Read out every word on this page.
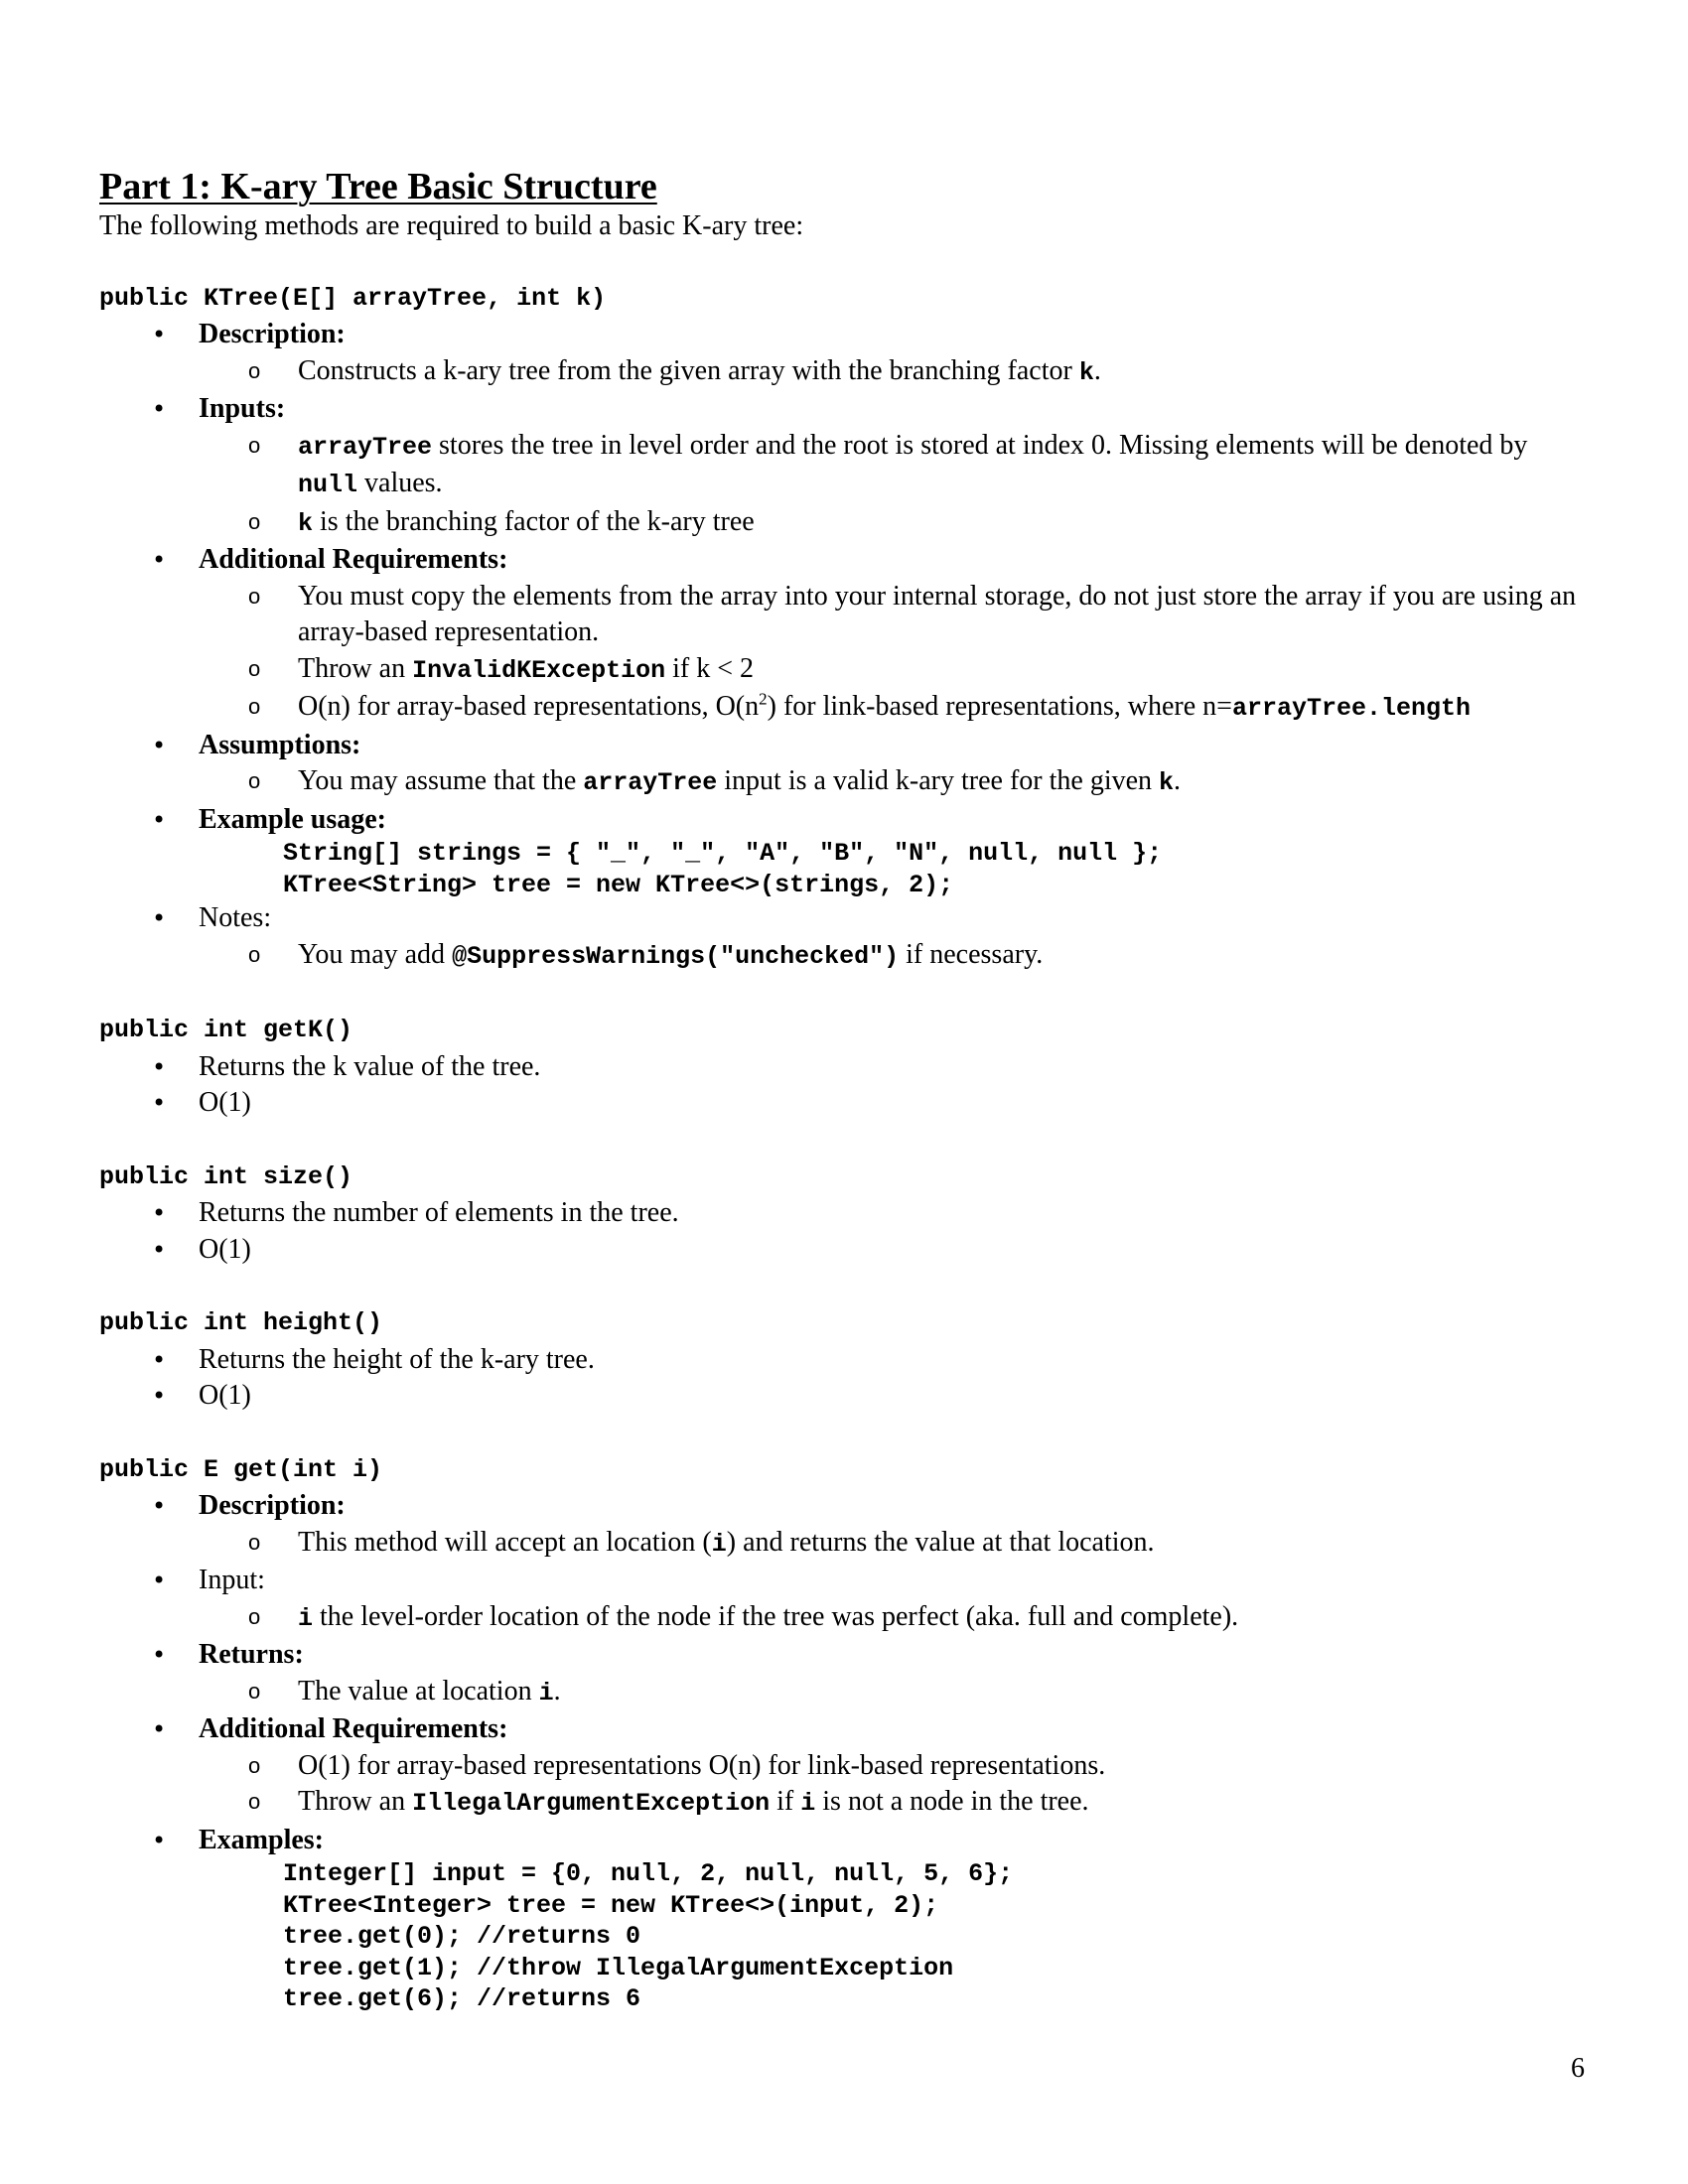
Part 1: K-ary Tree Basic Structure

The following methods are required to build a basic K-ary tree:

public KTree(E[] arrayTree, int k)
• Description:
o Constructs a k-ary tree from the given array with the branching factor k.
• Inputs:
o arrayTree stores the tree in level order and the root is stored at index 0. Missing elements will be denoted by null values.
o k is the branching factor of the k-ary tree
• Additional Requirements:
o You must copy the elements from the array into your internal storage, do not just store the array if you are using an array-based representation.
o Throw an InvalidKException if k < 2
o O(n) for array-based representations, $O(n^2)$ for link-based representations, where n=arrayTree.length
• Assumptions:
o You may assume that the arrayTree input is a valid k-ary tree for the given k.
• Example usage:
String[] strings = { "_", "_", "A", "B", "N", null, null };
KTree<String> tree = new KTree<>(strings, 2);
• Notes:
o You may add @SuppressWarnings("unchecked") if necessary.
public int getK()
• Returns the k value of the tree.
• O(1)
public int size()
• Returns the number of elements in the tree.
• O(1)
public int height()
• Returns the height of the k-ary tree.
• O(1)
public E get(int i)
• Description:
o This method will accept an location (i) and returns the value at that location.
• Input:
o i the level-order location of the node if the tree was perfect (aka. full and complete).
• Returns:
o The value at location i.
• Additional Requirements:
o O(1) for array-based representations O(n) for link-based representations.
o Throw an IllegalArgumentException if i is not a node in the tree.
• Examples:
Integer[] input = {0, null, 2, null, null, 5, 6};
KTree<Integer> tree = new KTree<>(input, 2);
tree.get(0); //returns 0
tree.get(1); //throw IllegalArgumentException
tree.get(6); //returns 6
6
